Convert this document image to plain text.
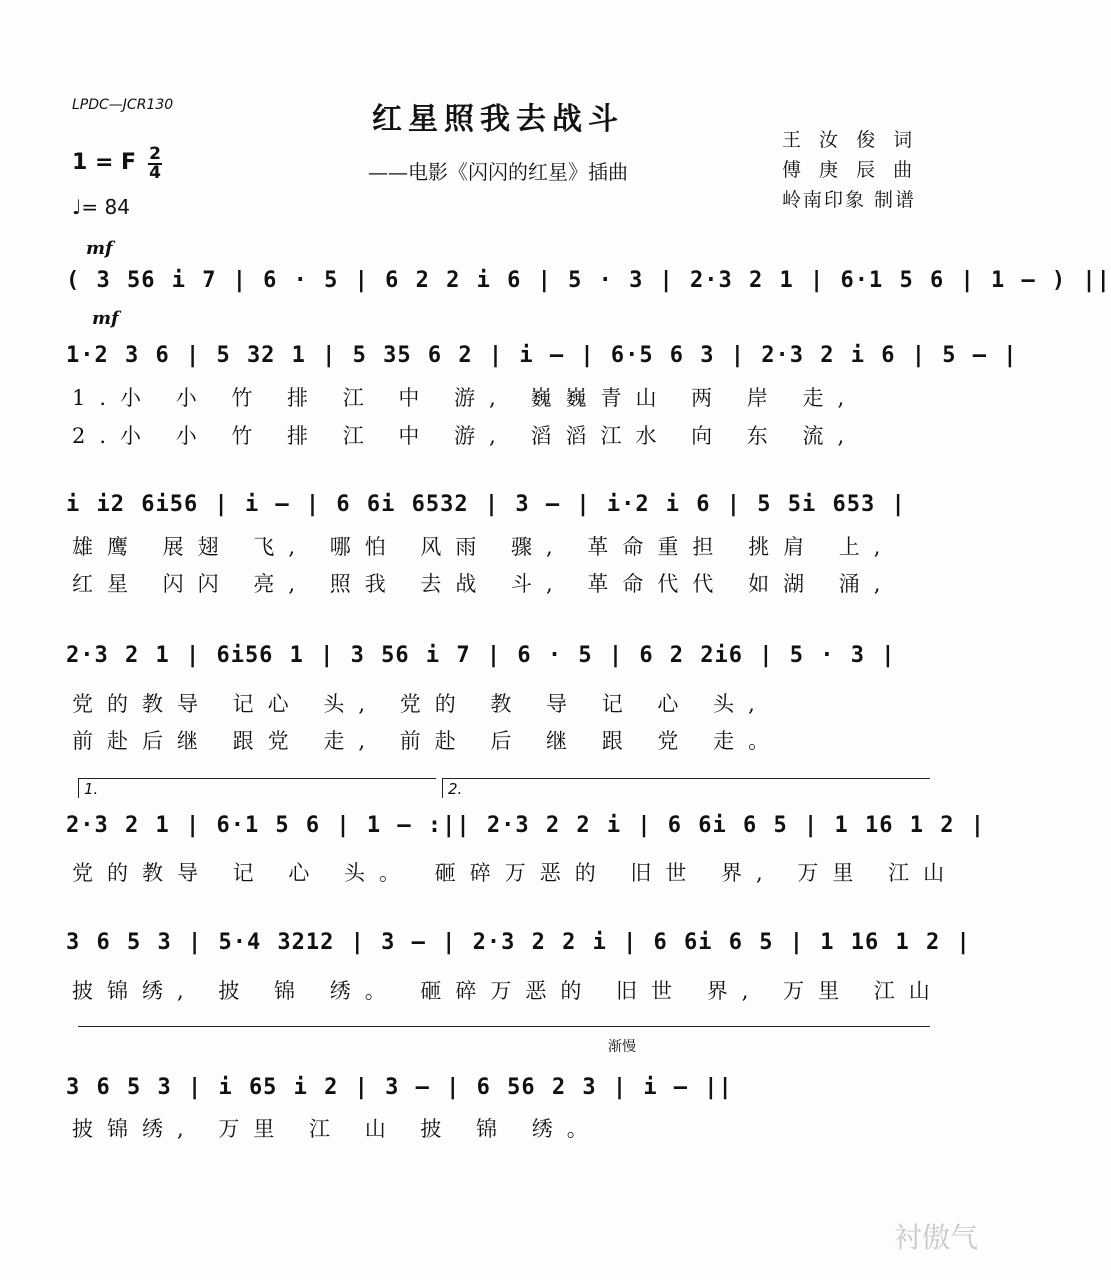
LPDC—JCR130	红星照我去战斗
——电影《闪闪的红星》插曲
王 汝 俊 词
傅 庚 辰 曲
岭南印象 制谱
1 = F 2
4
♩= 84
mf
( 3 56 i 7 | 6 · 5 | 6 2 2 i 6 | 5 · 3 | 2·3 2 1 | 6·1 5 6 | 1 – ) ||
mf
1·2 3 6 | 5 32 1 | 5 35 6 2 | i – | 6·5 6 3 | 2·3 2 i 6 | 5 – |
1.小 小 竹 排 江 中 游, 巍巍青山 两 岸 走,
2.小 小 竹 排 江 中 游, 滔滔江水 向 东 流,
i i2 6i56 | i – | 6 6i 6532 | 3 – | i·2 i 6 | 5 5i 653 |
雄鹰 展翅 飞, 哪怕 风雨 骤, 革命重担 挑肩 上,
红星 闪闪 亮, 照我 去战 斗, 革命代代 如湖 涌,
2·3 2 1 | 6i56 1 | 3 56 i 7 | 6 · 5 | 6 2 2i6 | 5 · 3 |
党的教导 记心 头, 党的 教 导 记 心 头,
前赴后继 跟党 走, 前赴 后 继 跟 党 走。
1.	2.
2·3 2 1 | 6·1 5 6 | 1 – :|| 2·3 2 2 i | 6 6i 6 5 | 1 16 1 2 |
党的教导 记 心 头。 砸碎万恶的 旧世 界, 万里 江山
3 6 5 3 | 5·4 3212 | 3 – | 2·3 2 2 i | 6 6i 6 5 | 1 16 1 2 |
披锦绣, 披 锦 绣。 砸碎万恶的 旧世 界, 万里 江山
渐慢
3 6 5 3 | i 65 i 2 | 3 – | 6 56 2 3 | i – ||
披锦绣, 万里 江 山 披 锦 绣。
衬傲气
